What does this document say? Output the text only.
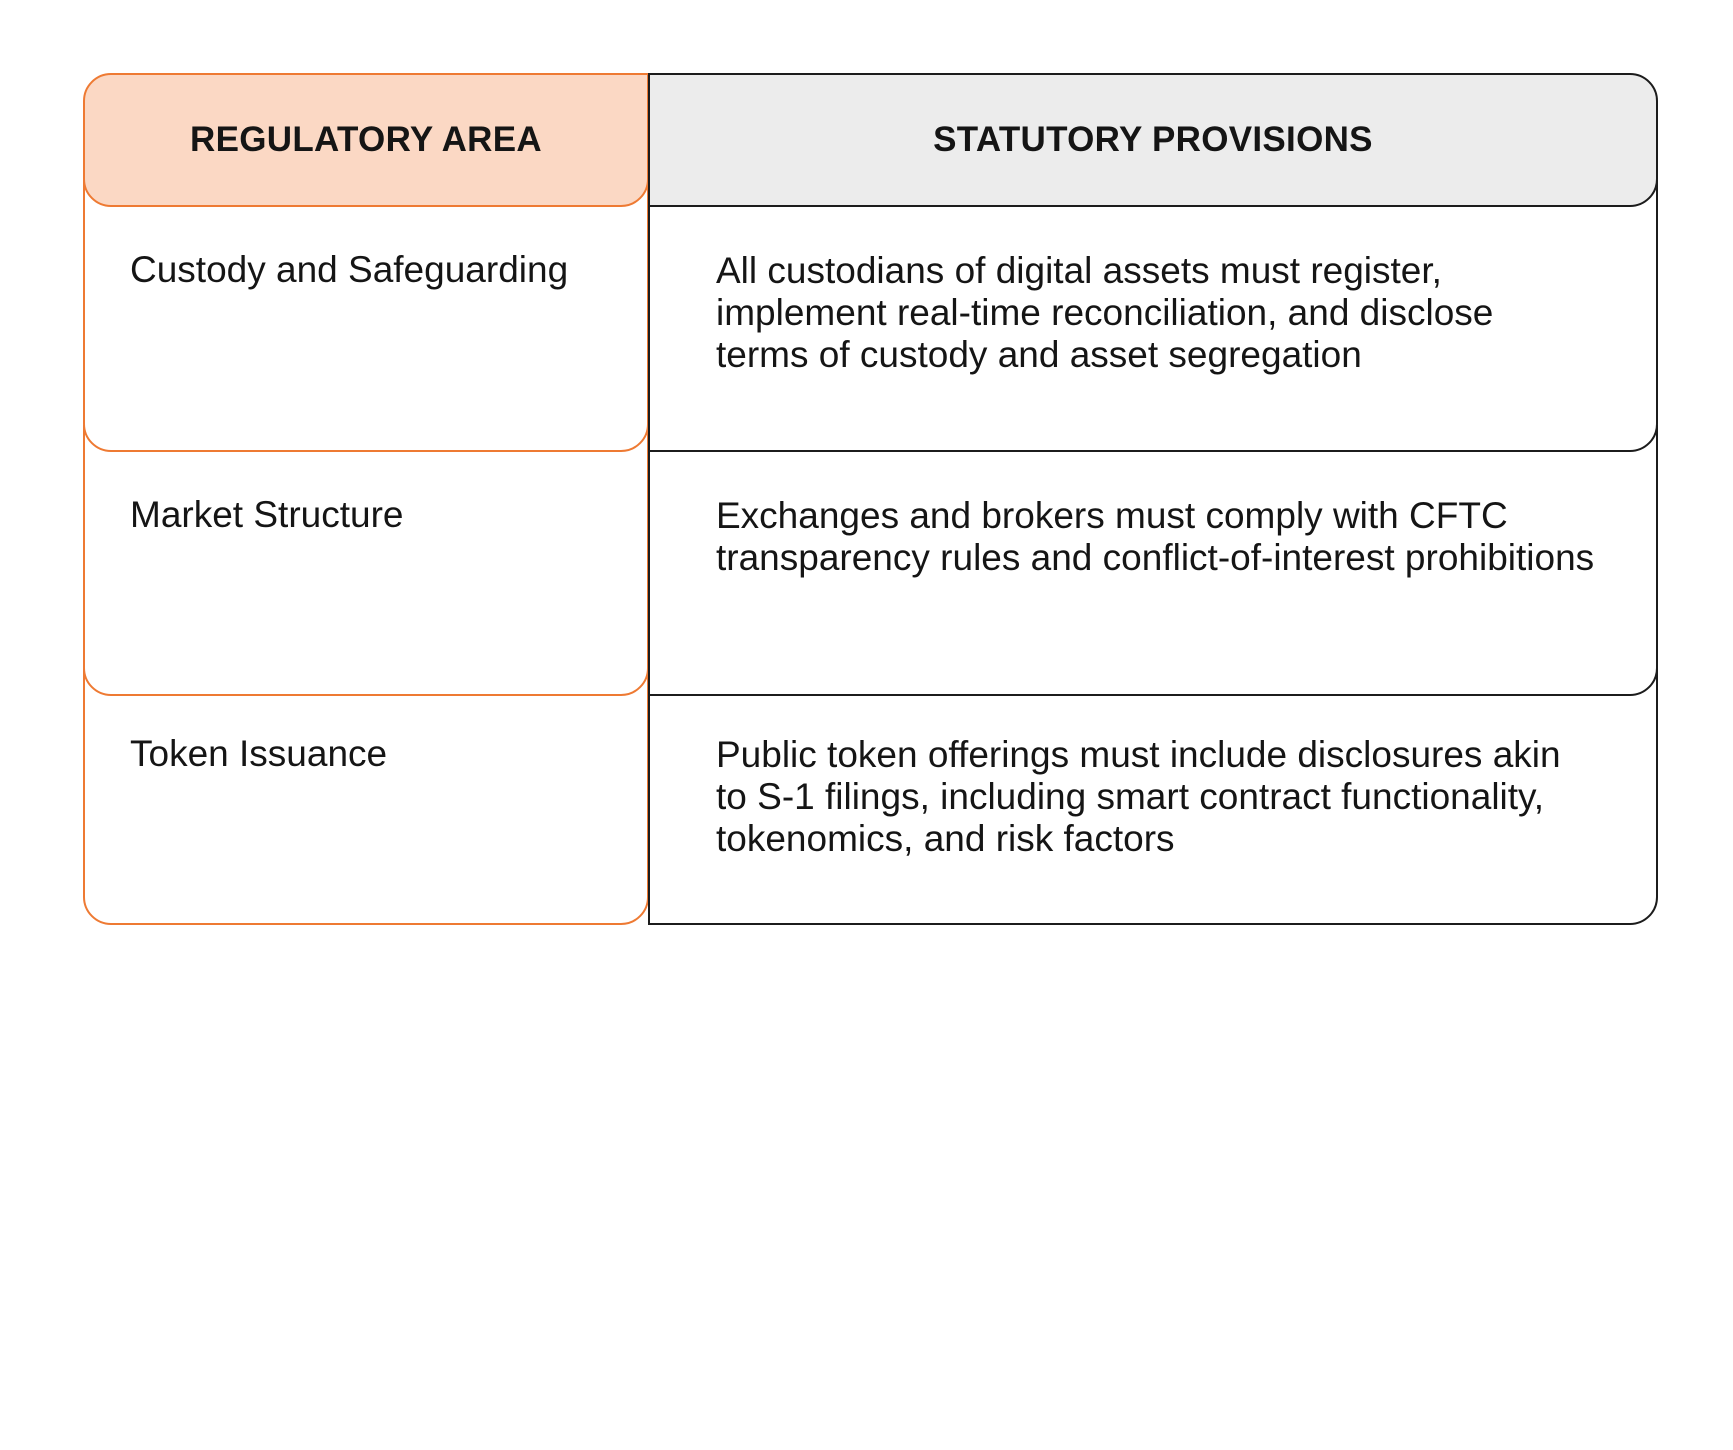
REGULATORY AREA	STATUTORY PROVISIONS
Custody and Safeguarding	All custodians of digital assets must register, implement real-time reconciliation, and disclose terms of custody and asset segregation
Market Structure	Exchanges and brokers must comply with CFTC transparency rules and conflict-of-interest prohibitions
Token Issuance	Public token offerings must include disclosures akin to S-1 filings, including smart contract functionality, tokenomics, and risk factors
Stablecoins	Reserve disclosures, custody attestations, and AML controls are mandatory for any issuer targeting U.S. persons
Cross-border Use	International firms accessing U.S. markets must establish legal presence and comply with domestic reporting duties
